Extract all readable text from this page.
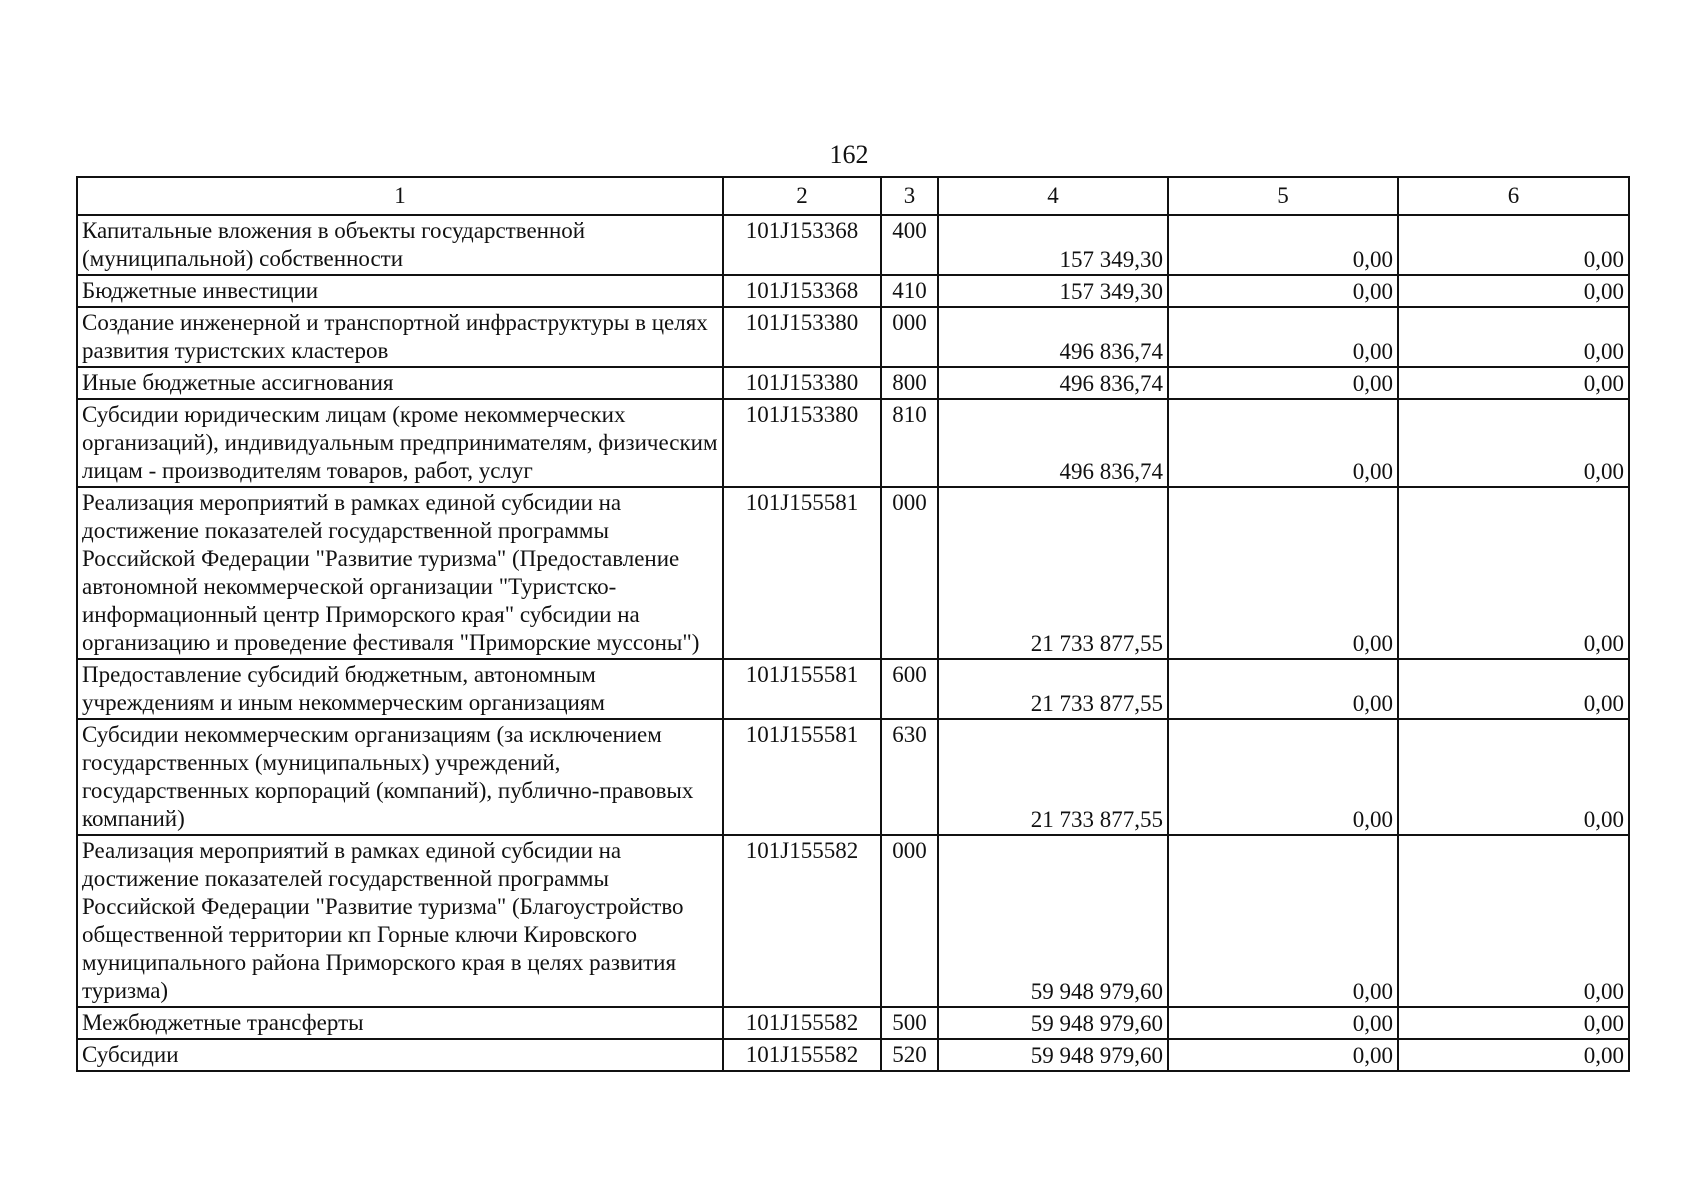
162
1	2	3	4	5	6
Капитальные вложения в объекты государственной (муниципальной) собственности	101J153368	400	157 349,30	0,00	0,00
Бюджетные инвестиции	101J153368	410	157 349,30	0,00	0,00
Создание инженерной и транспортной инфраструктуры в целях развития туристских кластеров	101J153380	000	496 836,74	0,00	0,00
Иные бюджетные ассигнования	101J153380	800	496 836,74	0,00	0,00
Субсидии юридическим лицам (кроме некоммерческих организаций), индивидуальным предпринимателям, физическим лицам - производителям товаров, работ, услуг	101J153380	810	496 836,74	0,00	0,00
Реализация мероприятий в рамках единой субсидии на достижение показателей государственной программы Российской Федерации "Развитие туризма" (Предоставление автономной некоммерческой организации "Туристско-информационный центр Приморского края" субсидии на организацию и проведение фестиваля "Приморские муссоны")	101J155581	000	21 733 877,55	0,00	0,00
Предоставление субсидий бюджетным, автономным учреждениям и иным некоммерческим организациям	101J155581	600	21 733 877,55	0,00	0,00
Субсидии некоммерческим организациям (за исключением государственных (муниципальных) учреждений, государственных корпораций (компаний), публично-правовых компаний)	101J155581	630	21 733 877,55	0,00	0,00
Реализация мероприятий в рамках единой субсидии на достижение показателей государственной программы Российской Федерации "Развитие туризма" (Благоустройство общественной территории кп Горные ключи Кировского муниципального района Приморского края в целях развития туризма)	101J155582	000	59 948 979,60	0,00	0,00
Межбюджетные трансферты	101J155582	500	59 948 979,60	0,00	0,00
Субсидии	101J155582	520	59 948 979,60	0,00	0,00
